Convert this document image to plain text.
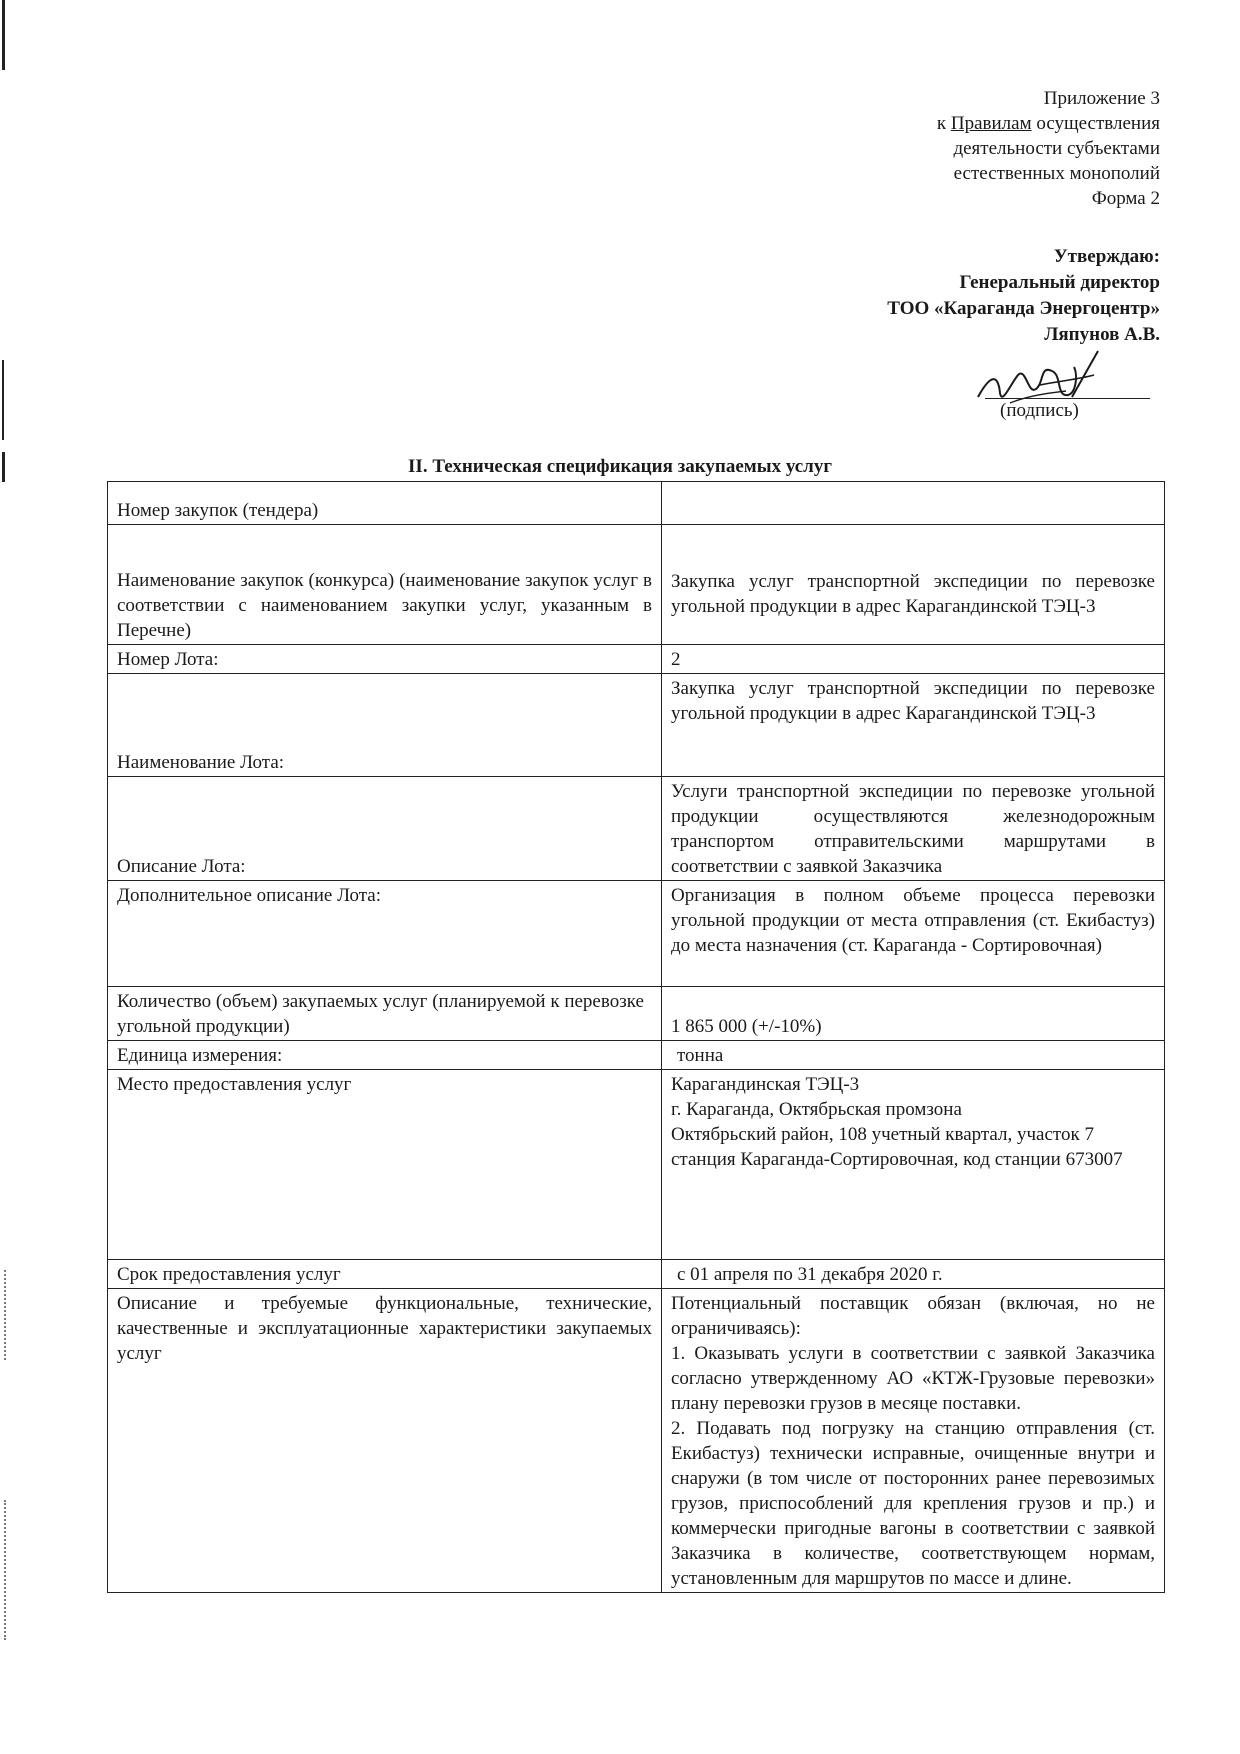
Приложение 3
к Правилам осуществления
деятельности субъектами
естественных монополий
Форма 2
Утверждаю:
Генеральный директор
ТОО «Караганда Энергоцентр»
Ляпунов А.В.
(подпись)
II. Техническая спецификация закупаемых услуг
Номер закупок (тендера)	
Наименование закупок (конкурса) (наименование закупок услуг в соответствии с наименованием закупки услуг, указанным в Перечне)	Закупка услуг транспортной экспедиции по перевозке угольной продукции в адрес Карагандинской ТЭЦ-3
Номер Лота:	2
Наименование Лота:	Закупка услуг транспортной экспедиции по перевозке угольной продукции в адрес Карагандинской ТЭЦ-3
Описание Лота:	Услуги транспортной экспедиции по перевозке угольной продукции осуществляются железнодорожным транспортом отправительскими маршрутами в соответствии с заявкой Заказчика
Дополнительное описание Лота:	Организация в полном объеме процесса перевозки угольной продукции от места отправления (ст. Екибастуз) до места назначения (ст. Караганда - Сортировочная)
Количество (объем) закупаемых услуг (планируемой к перевозке угольной продукции)	1 865 000 (+/-10%)
Единица измерения:	тонна
Место предоставления услуг	Карагандинская ТЭЦ-3
г. Караганда, Октябрьская промзона
Октябрьский район, 108 учетный квартал, участок 7
станция Караганда-Сортировочная, код станции 673007

Срок предоставления услуг	с 01 апреля по 31 декабря 2020 г.
Описание и требуемые функциональные, технические, качественные и эксплуатационные характеристики закупаемых услуг	Потенциальный поставщик обязан (включая, но не ограничиваясь):
1. Оказывать услуги в соответствии с заявкой Заказчика согласно утвержденному АО «КТЖ-Грузовые перевозки» плану перевозки грузов в месяце поставки.
2. Подавать под погрузку на станцию отправления (ст. Екибастуз) технически исправные, очищенные внутри и снаружи (в том числе от посторонних ранее перевозимых грузов, приспособлений для крепления грузов и пр.) и коммерчески пригодные вагоны в соответствии с заявкой Заказчика в количестве, соответствующем нормам, установленным для маршрутов по массе и длине.
